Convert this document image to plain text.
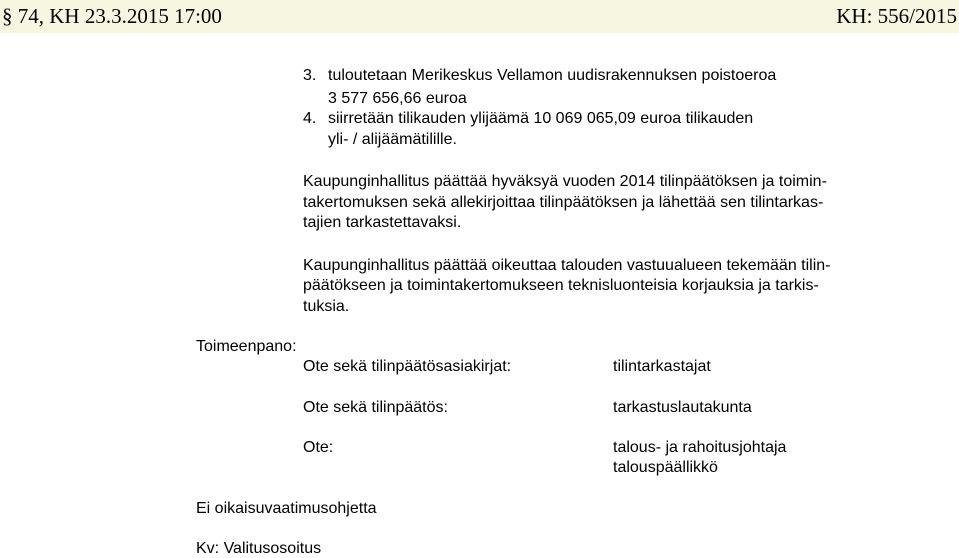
§ 74, KH 23.3.2015 17:00	KH: 556/2015
3. tuloutetaan Merikeskus Vellamon uudisrakennuksen poistoeroa
3 577 656,66 euroa
4. siirretään tilikauden ylijäämä 10 069 065,09 euroa tilikauden
yli- / alijäämätilille.
Kaupunginhallitus päättää hyväksyä vuoden 2014 tilinpäätöksen ja toimin-
takertomuksen sekä allekirjoittaa tilinpäätöksen ja lähettää sen tilintarkas-
tajien tarkastettavaksi.
Kaupunginhallitus päättää oikeuttaa talouden vastuualueen tekemään tilin-
päätökseen ja toimintakertomukseen teknisluonteisia korjauksia ja tarkis-
tuksia.
Toimeenpano:
Ote sekä tilinpäätösasiakirjat:	tilintarkastajat
Ote sekä tilinpäätös:	tarkastuslautakunta
Ote:	talous- ja rahoitusjohtaja
talouspäällikkö
Ei oikaisuvaatimusohjetta
Kv: Valitusosoitus
